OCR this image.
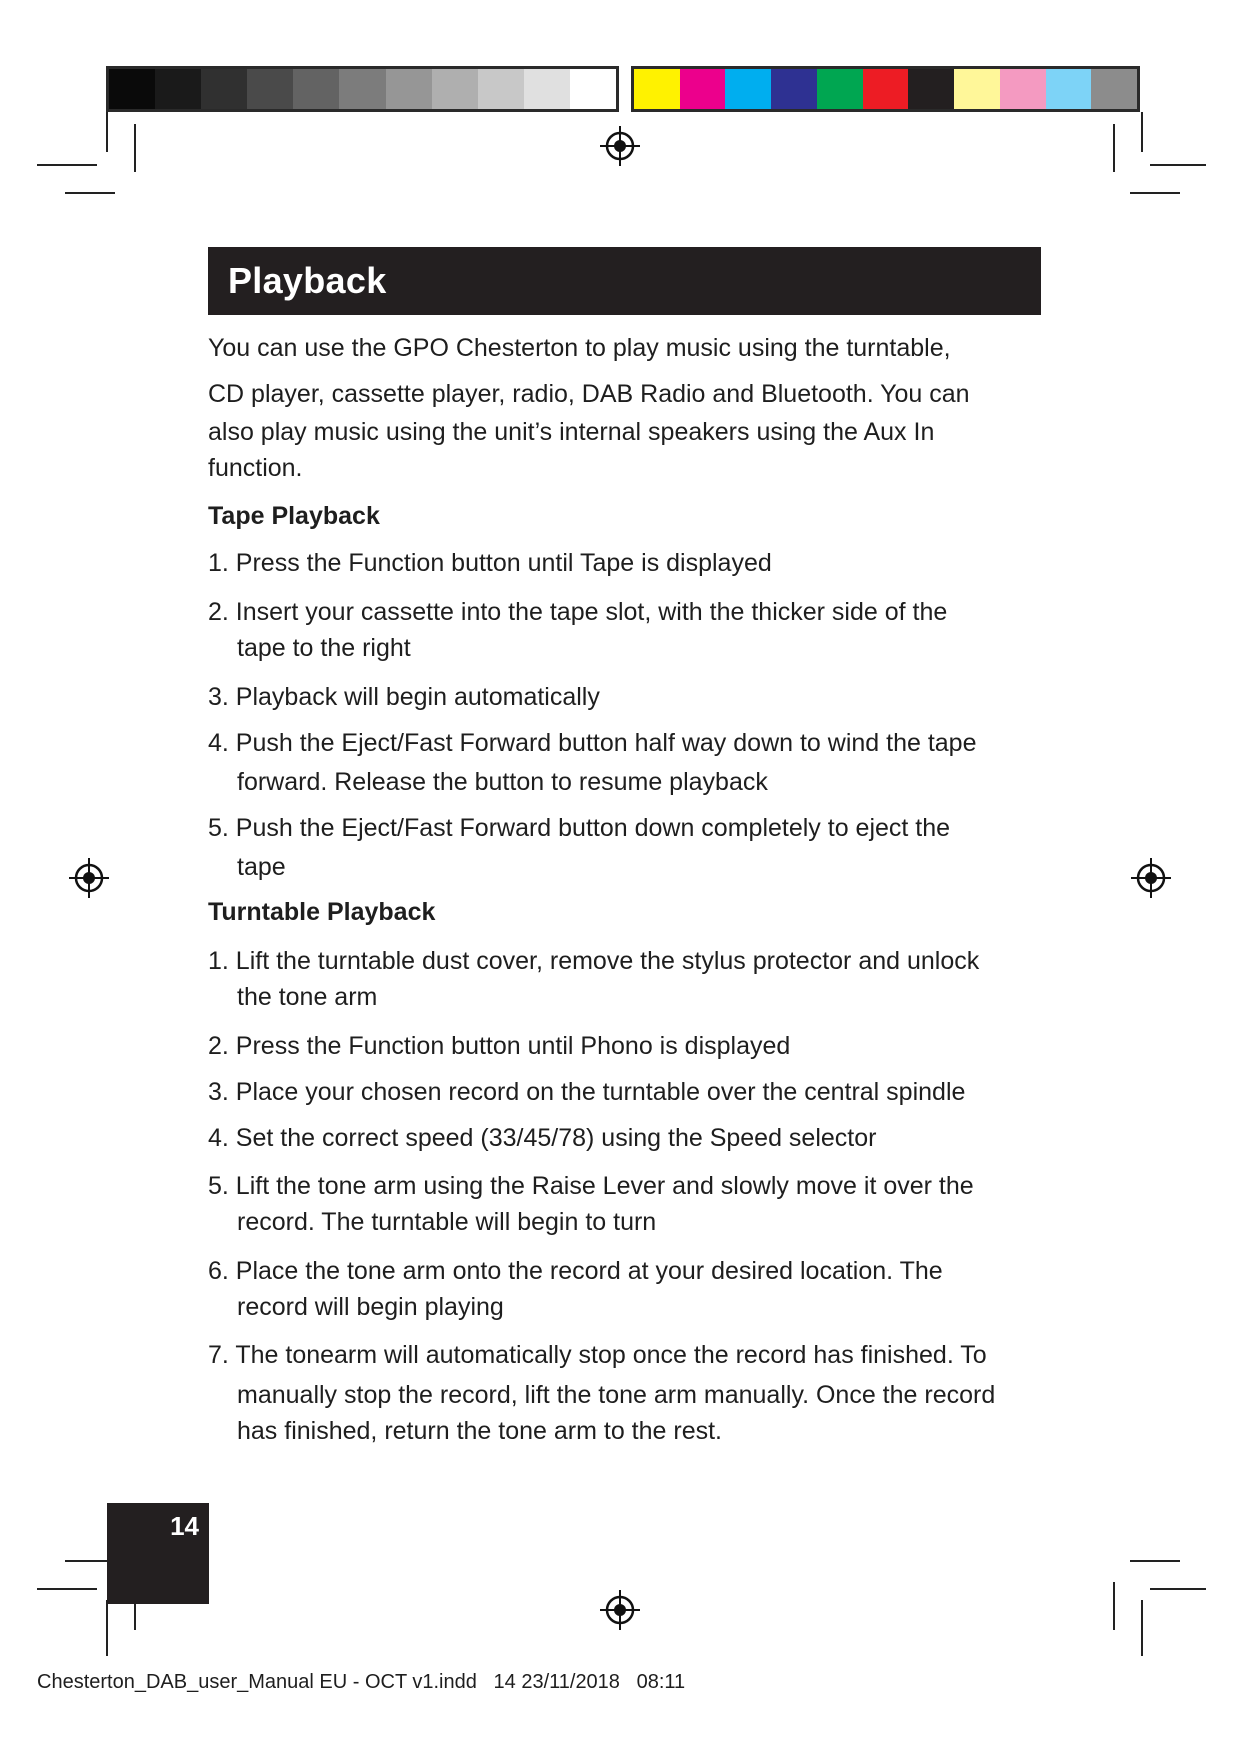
Playback
You can use the GPO Chesterton to play music using the turntable,
CD player, cassette player, radio, DAB Radio and Bluetooth. You can
also play music using the unit’s internal speakers using the Aux In
function.
Tape Playback
1. Press the Function button until Tape is displayed
2. Insert your cassette into the tape slot, with the thicker side of the
tape to the right
3. Playback will begin automatically
4. Push the Eject/Fast Forward button half way down to wind the tape
forward. Release the button to resume playback
5. Push the Eject/Fast Forward button down completely to eject the
tape
Turntable Playback
1. Lift the turntable dust cover, remove the stylus protector and unlock
the tone arm
2. Press the Function button until Phono is displayed
3. Place your chosen record on the turntable over the central spindle
4. Set the correct speed (33/45/78) using the Speed selector
5. Lift the tone arm using the Raise Lever and slowly move it over the
record. The turntable will begin to turn
6. Place the tone arm onto the record at your desired location. The
record will begin playing
7. The tonearm will automatically stop once the record has finished. To
manually stop the record, lift the tone arm manually. Once the record
has finished, return the tone arm to the rest.
14
Chesterton_DAB_user_Manual EU - OCT v1.indd   14 23/11/2018   08:11
